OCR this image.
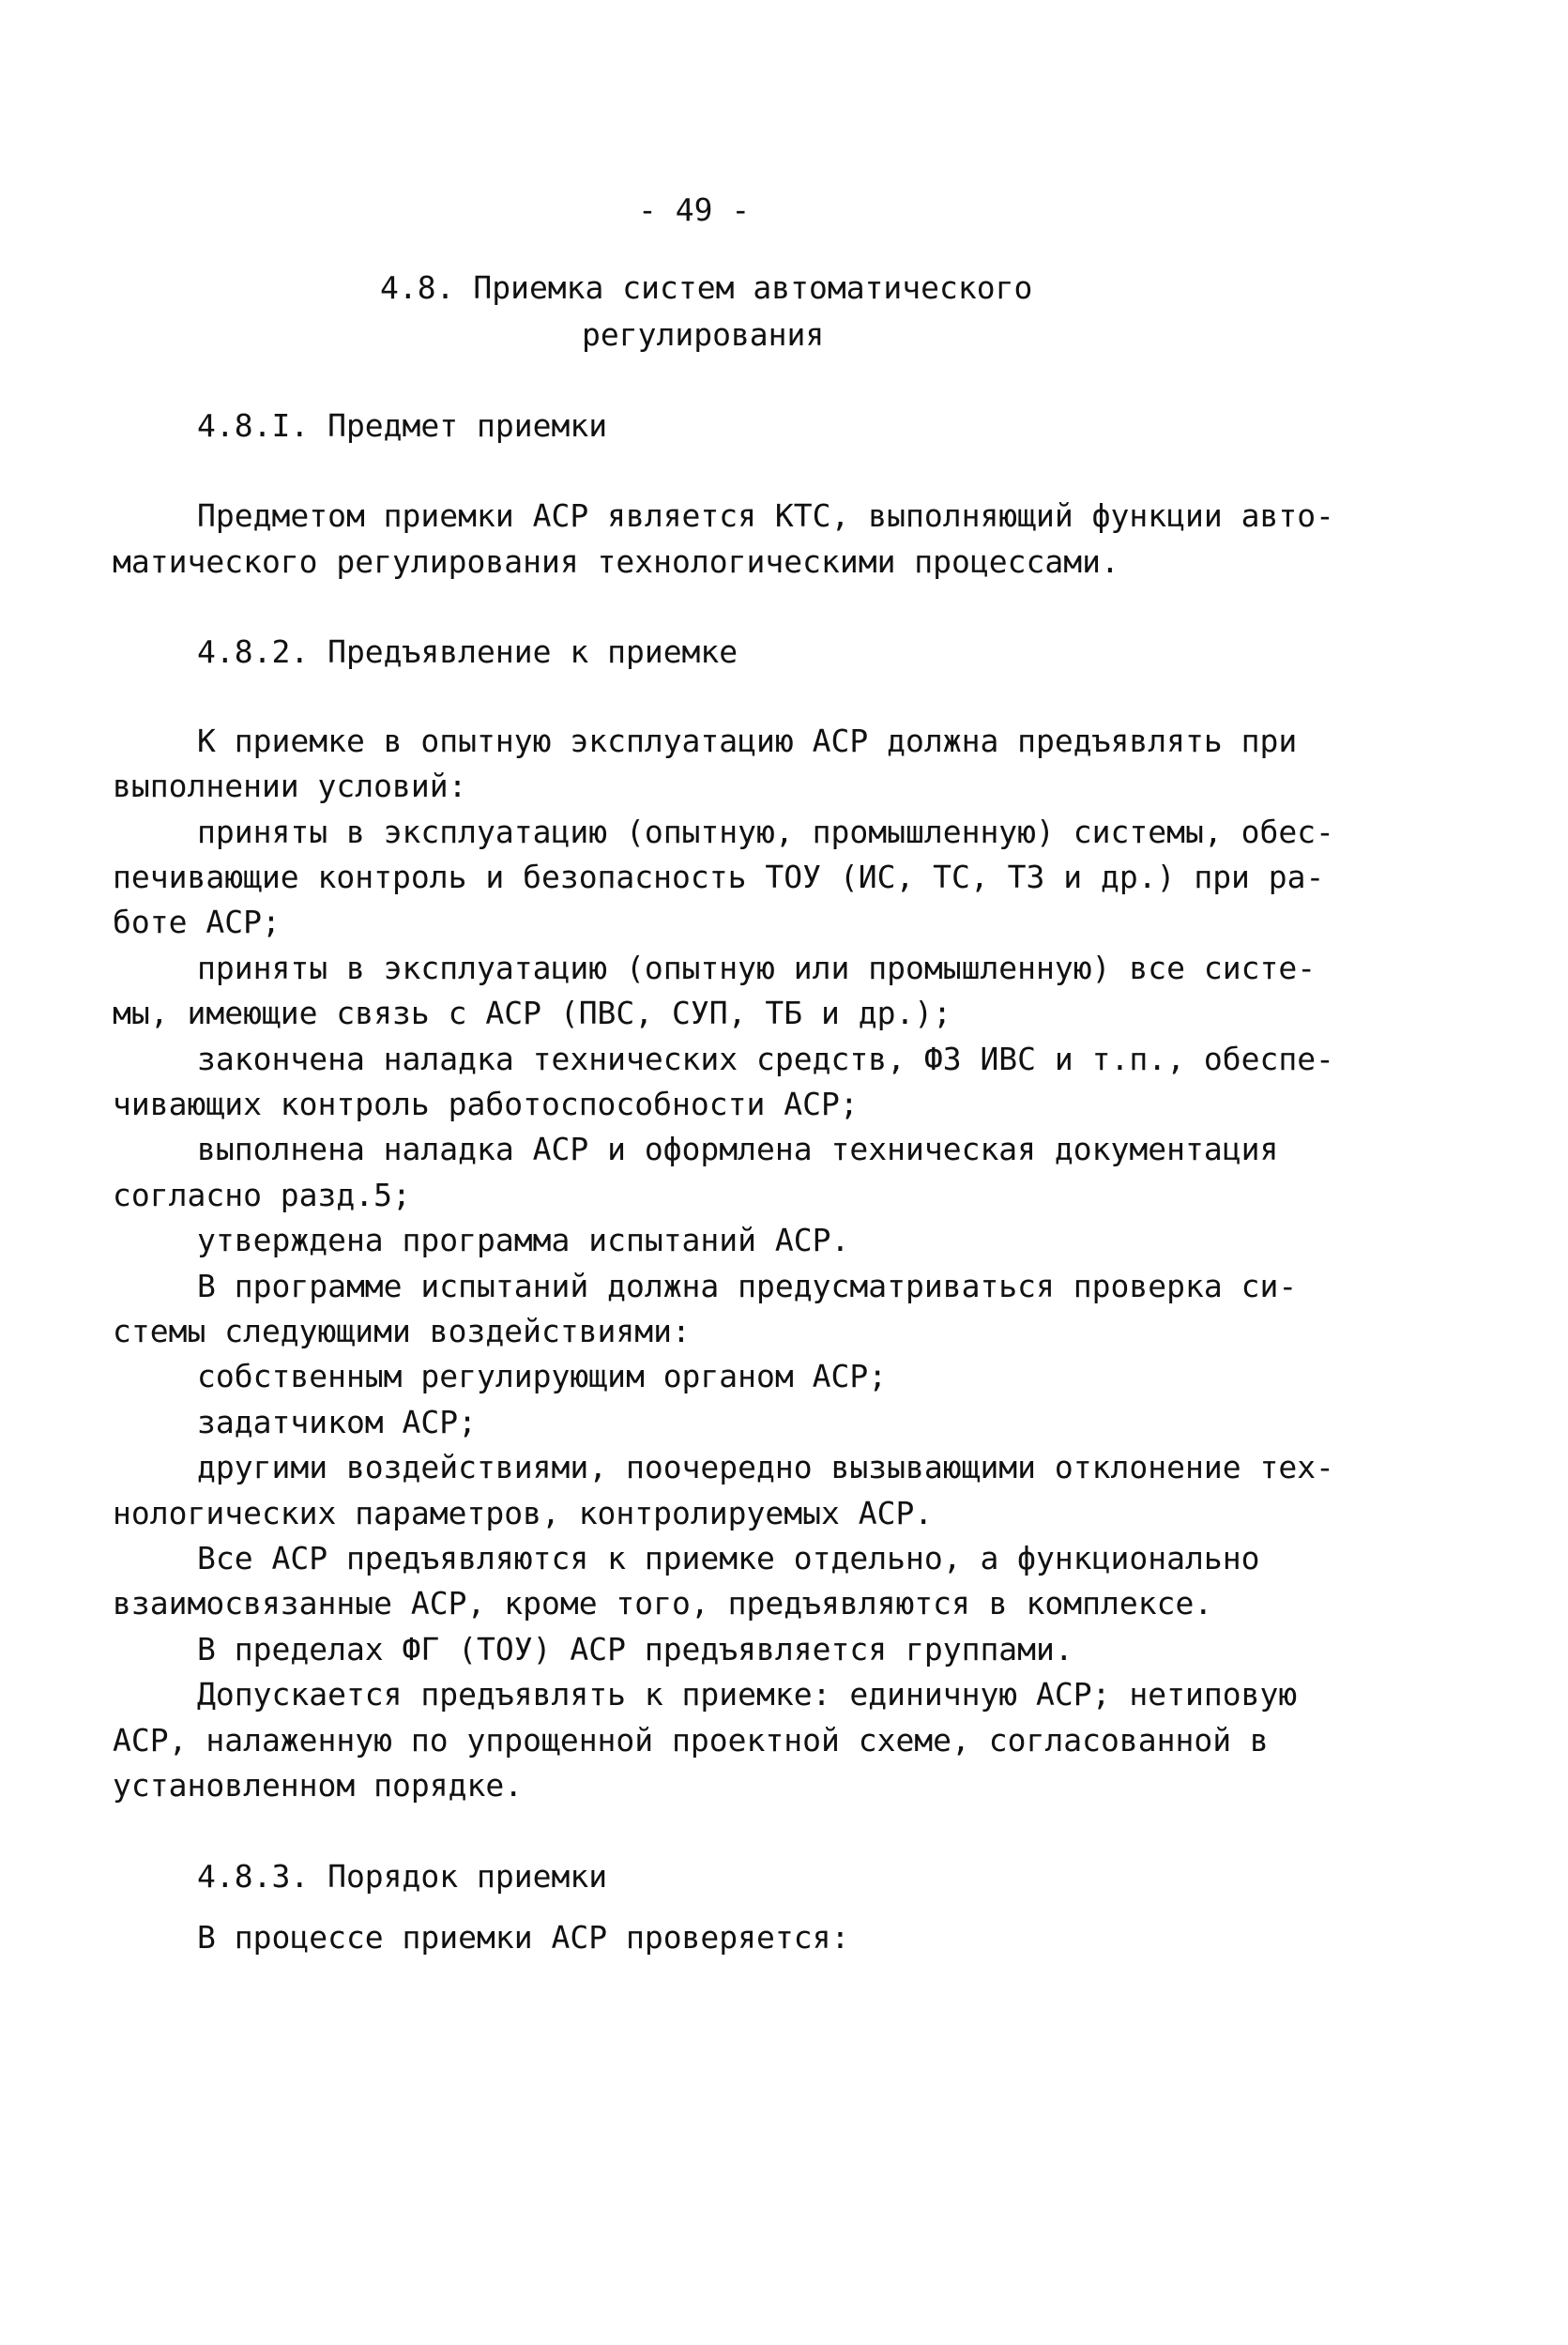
- 49 -
4.8. Приемка систем автоматического
регулирования
4.8.I. Предмет приемки
Предметом приемки АСР является КТС, выполняющий функции авто-
матического регулирования технологическими процессами.
4.8.2. Предъявление к приемке
К приемке в опытную эксплуатацию АСР должна предъявлять при
выполнении условий:
приняты в эксплуатацию (опытную, промышленную) системы, обес-
печивающие контроль и безопасность ТОУ (ИС, ТС, ТЗ и др.) при ра-
боте АСР;
приняты в эксплуатацию (опытную или промышленную) все систе-
мы, имеющие связь с АСР (ПВС, СУП, ТБ и др.);
закончена наладка технических средств, ФЗ ИВС и т.п., обеспе-
чивающих контроль работоспособности АСР;
выполнена наладка АСР и оформлена техническая документация
согласно разд.5;
утверждена программа испытаний АСР.
В программе испытаний должна предусматриваться проверка си-
стемы следующими воздействиями:
собственным регулирующим органом АСР;
задатчиком АСР;
другими воздействиями, поочередно вызывающими отклонение тех-
нологических параметров, контролируемых АСР.
Все АСР предъявляются к приемке отдельно, а функционально
взаимосвязанные АСР, кроме того, предъявляются в комплексе.
В пределах ФГ (ТОУ) АСР предъявляется группами.
Допускается предъявлять к приемке: единичную АСР; нетиповую
АСР, налаженную по упрощенной проектной схеме, согласованной в
установленном порядке.
4.8.3. Порядок приемки
В процессе приемки АСР проверяется:
